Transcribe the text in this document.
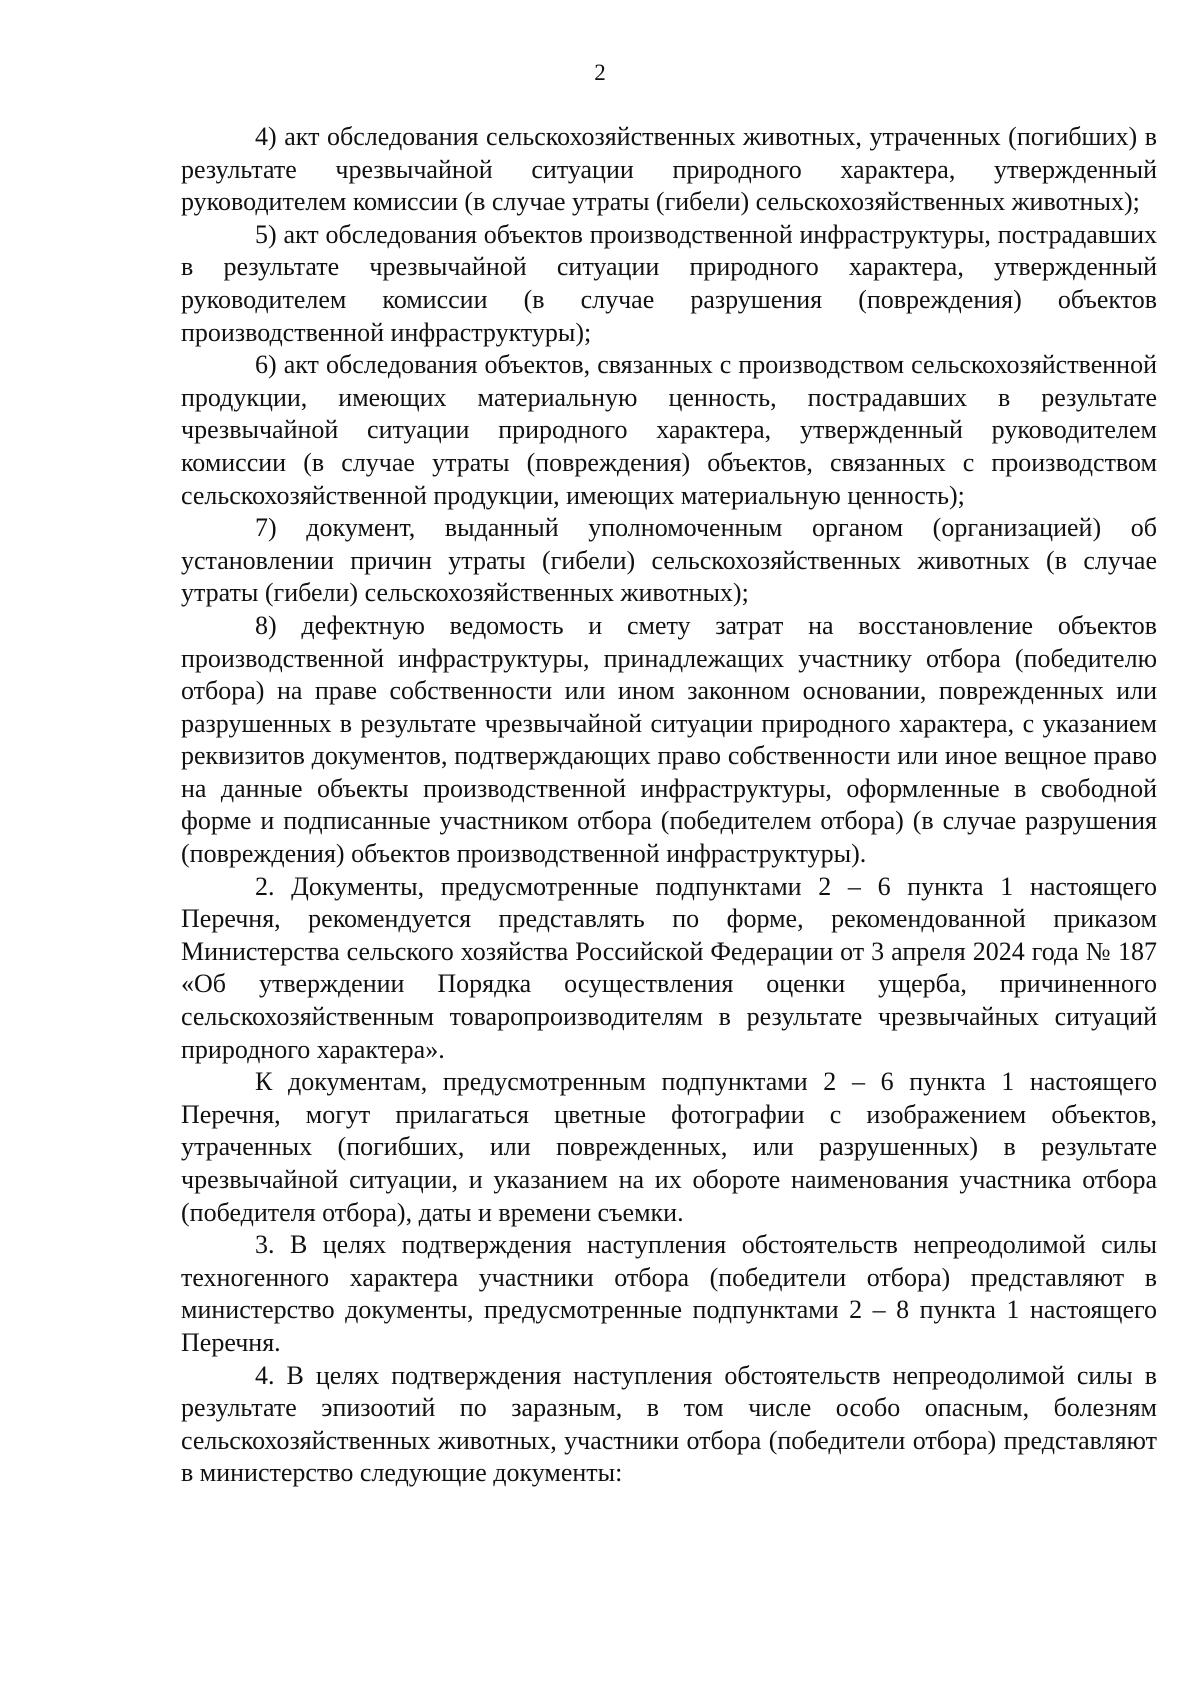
2

4) акт обследования сельскохозяйственных животных, утраченных (погибших) в результате чрезвычайной ситуации природного характера, утвержденный руководителем комиссии (в случае утраты (гибели) сельскохозяйственных животных);

5) акт обследования объектов производственной инфраструктуры, пострадавших в результате чрезвычайной ситуации природного характера, утвержденный руководителем комиссии (в случае разрушения (повреждения) объектов производственной инфраструктуры);

6) акт обследования объектов, связанных с производством сельскохозяйственной продукции, имеющих материальную ценность, пострадавших в результате чрезвычайной ситуации природного характера, утвержденный руководителем комиссии (в случае утраты (повреждения) объектов, связанных с производством сельскохозяйственной продукции, имеющих материальную ценность);

7) документ, выданный уполномоченным органом (организацией) об установлении причин утраты (гибели) сельскохозяйственных животных (в случае утраты (гибели) сельскохозяйственных животных);

8) дефектную ведомость и смету затрат на восстановление объектов производственной инфраструктуры, принадлежащих участнику отбора (победителю отбора) на праве собственности или ином законном основании, поврежденных или разрушенных в результате чрезвычайной ситуации природного характера, с указанием реквизитов документов, подтверждающих право собственности или иное вещное право на данные объекты производственной инфраструктуры, оформленные в свободной форме и подписанные участником отбора (победителем отбора) (в случае разрушения (повреждения) объектов производственной инфраструктуры).

2. Документы, предусмотренные подпунктами 2 – 6 пункта 1 настоящего Перечня, рекомендуется представлять по форме, рекомендованной приказом Министерства сельского хозяйства Российской Федерации от 3 апреля 2024 года № 187 «Об утверждении Порядка осуществления оценки ущерба, причиненного сельскохозяйственным товаропроизводителям в результате чрезвычайных ситуаций природного характера».

К документам, предусмотренным подпунктами 2 – 6 пункта 1 настоящего Перечня, могут прилагаться цветные фотографии с изображением объектов, утраченных (погибших, или поврежденных, или разрушенных) в результате чрезвычайной ситуации, и указанием на их обороте наименования участника отбора (победителя отбора), даты и времени съемки.

3. В целях подтверждения наступления обстоятельств непреодолимой силы техногенного характера участники отбора (победители отбора) представляют в министерство документы, предусмотренные подпунктами 2 – 8 пункта 1 настоящего Перечня.

4. В целях подтверждения наступления обстоятельств непреодолимой силы в результате эпизоотий по заразным, в том числе особо опасным, болезням сельскохозяйственных животных, участники отбора (победители отбора) представляют в министерство следующие документы:
